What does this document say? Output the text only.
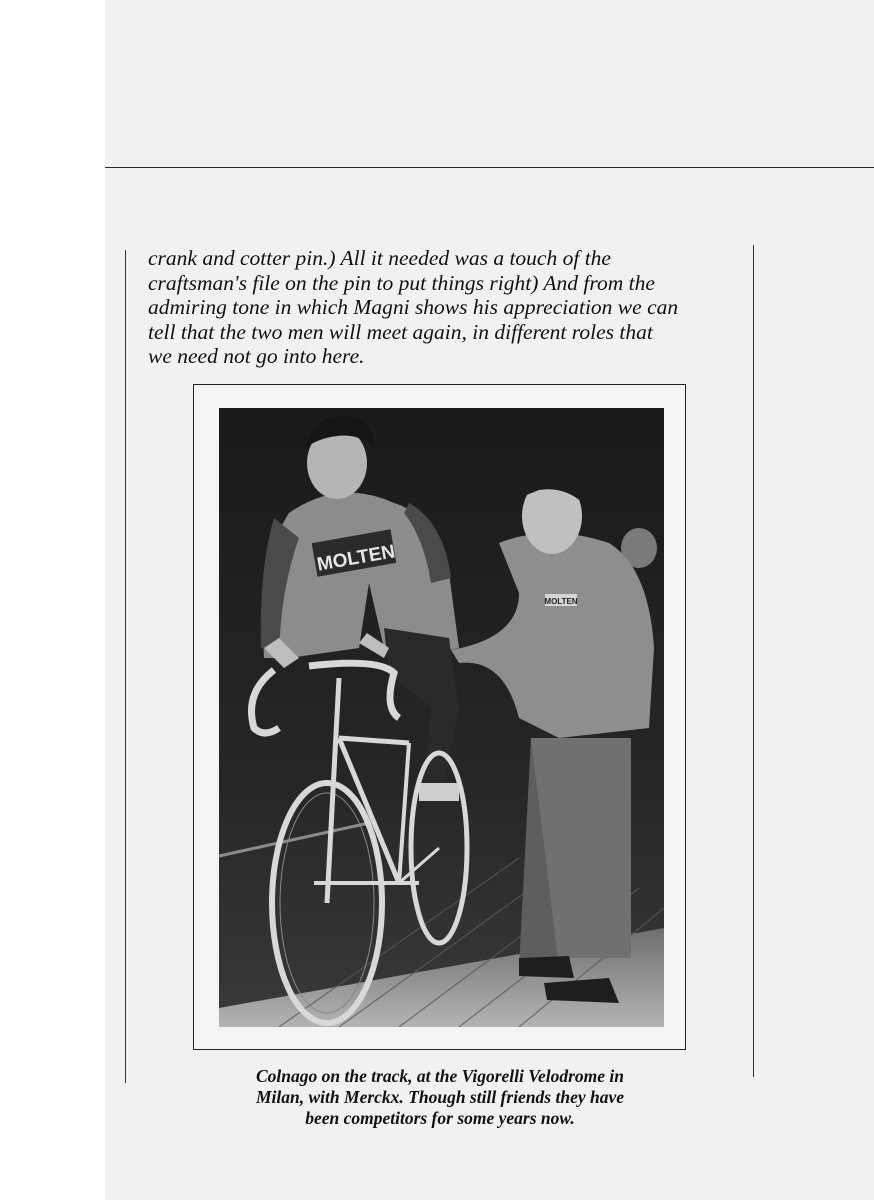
crank and cotter pin.) All it needed was a touch of the
craftsman's file on the pin to put things right) And from the
admiring tone in which Magni shows his appreciation we can
tell that the two men will meet again, in different roles that
we need not go into here.
MOLTEN
MOLTEN
Colnago on the track, at the Vigorelli Velodrome in
Milan, with Merckx. Though still friends they have
been competitors for some years now.
